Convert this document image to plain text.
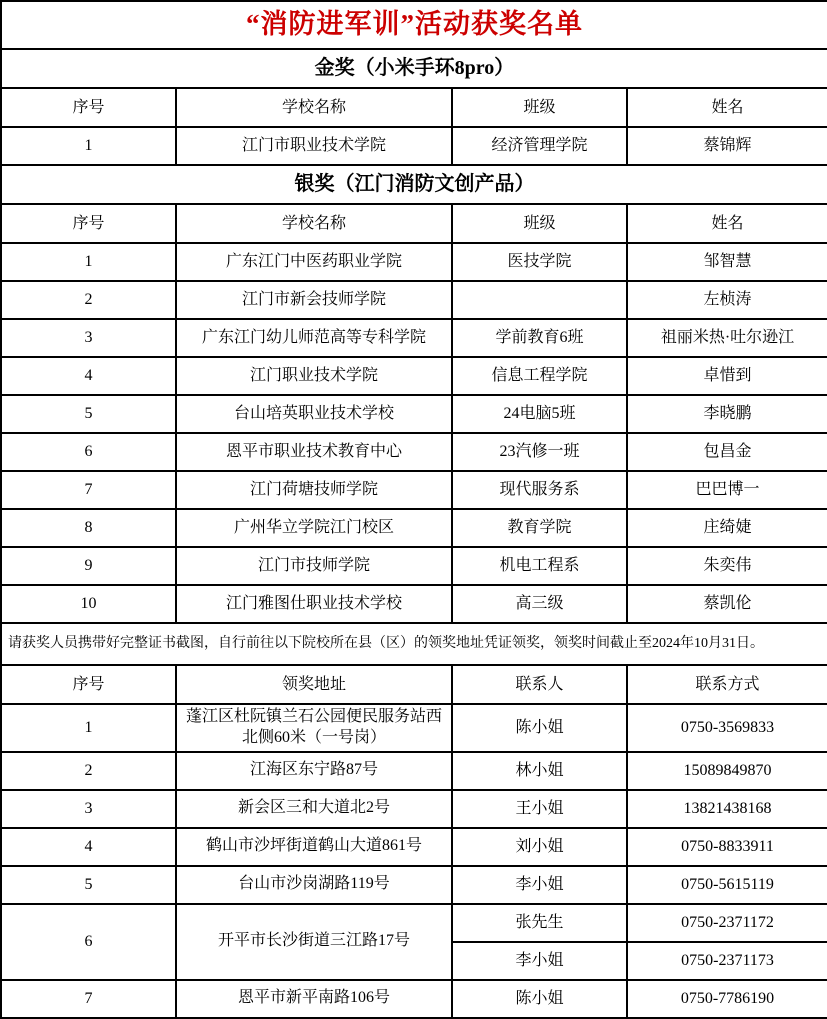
“消防进军训”活动获奖名单			
金奖（小米手环8pro）			
序号	学校名称	班级	姓名
1	江门市职业技术学院	经济管理学院	蔡锦辉
银奖（江门消防文创产品）			
序号	学校名称	班级	姓名
1	广东江门中医药职业学院	医技学院	邹智慧
2	江门市新会技师学院		左桢涛
3	广东江门幼儿师范高等专科学院	学前教育6班	祖丽米热·吐尔逊江
4	江门职业技术学院	信息工程学院	卓惜到
5	台山培英职业技术学校	24电脑5班	李晓鹏
6	恩平市职业技术教育中心	23汽修一班	包昌金
7	江门荷塘技师学院	现代服务系	巴巴博一
8	广州华立学院江门校区	教育学院	庄绮婕
9	江门市技师学院	机电工程系	朱奕伟
10	江门雅图仕职业技术学校	高三级	蔡凯伦
请获奖人员携带好完整证书截图，自行前往以下院校所在县（区）的领奖地址凭证领奖，领奖时间截止至2024年10月31日。			
序号	领奖地址	联系人	联系方式
1	蓬江区杜阮镇兰石公园便民服务站西北侧60米（一号岗）	陈小姐	0750-3569833
2	江海区东宁路87号	林小姐	15089849870
3	新会区三和大道北2号	王小姐	13821438168
4	鹤山市沙坪街道鹤山大道861号	刘小姐	0750-8833911
5	台山市沙岗湖路119号	李小姐	0750-5615119
6	开平市长沙街道三江路17号	张先生	0750-2371172
		李小姐	0750-2371173
7	恩平市新平南路106号	陈小姐	0750-7786190
